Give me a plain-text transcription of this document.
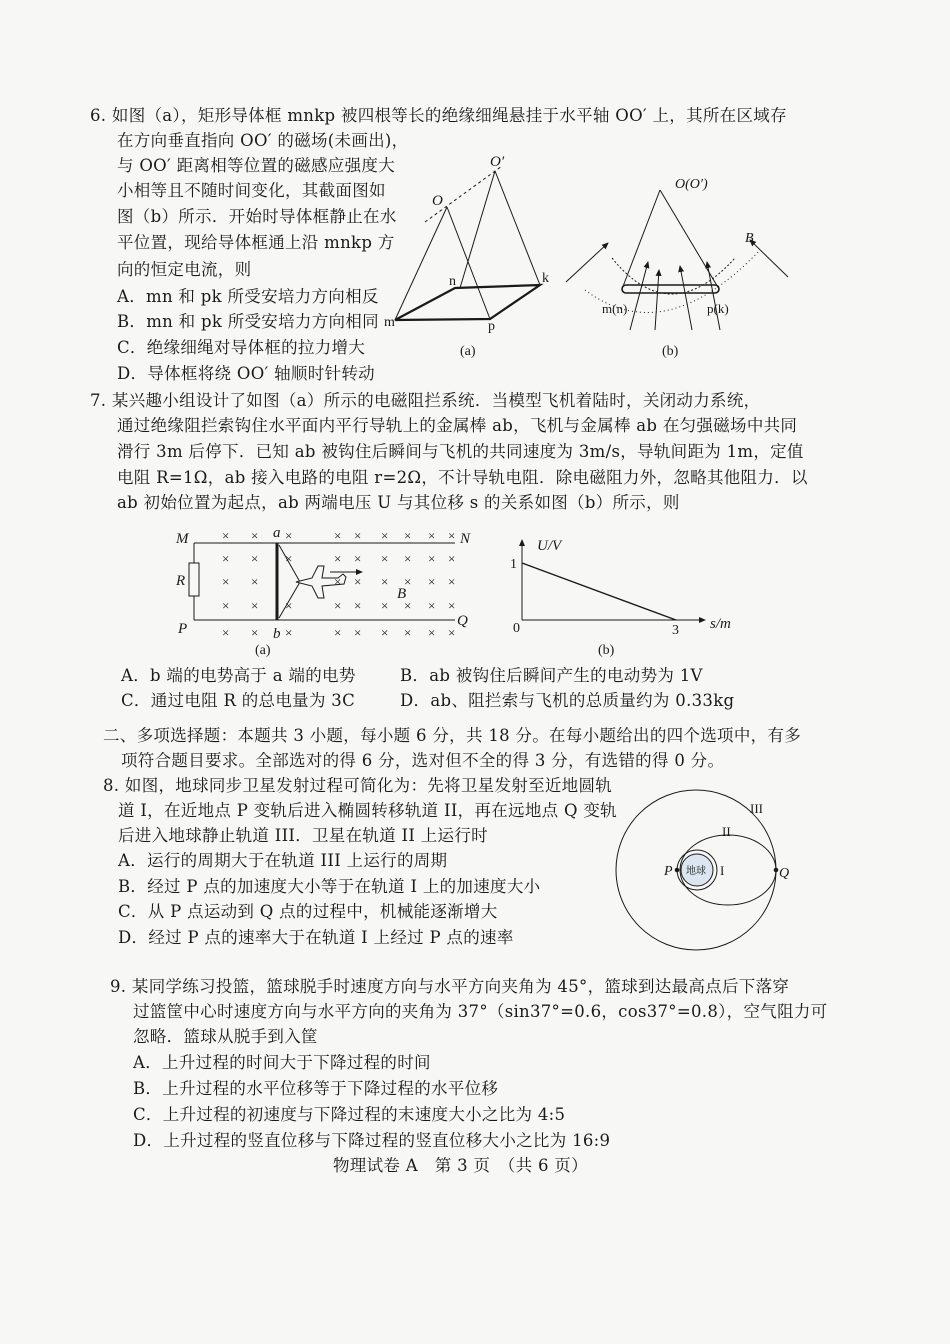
6. 如图（a），矩形导体框 mnkp 被四根等长的绝缘细绳悬挂于水平轴 OO′ 上，其所在区域存
在方向垂直指向 OO′ 的磁场(未画出)，
与 OO′ 距离相等位置的磁感应强度大
小相等且不随时间变化，其截面图如
图（b）所示．开始时导体框静止在水
平位置，现给导体框通上沿 mnkp 方
向的恒定电流，则
A．mn 和 pk 所受安培力方向相反
B．mn 和 pk 所受安培力方向相同
C．绝缘细绳对导体框的拉力增大
D．导体框将绕 OO′ 轴顺时针转动
7. 某兴趣小组设计了如图（a）所示的电磁阻拦系统．当模型飞机着陆时，关闭动力系统，
通过绝缘阻拦索钩住水平面内平行导轨上的金属棒 ab，飞机与金属棒 ab 在匀强磁场中共同
滑行 3m 后停下．已知 ab 被钩住后瞬间与飞机的共同速度为 3m/s，导轨间距为 1m，定值
电阻 R=1Ω，ab 接入电路的电阻 r=2Ω，不计导轨电阻．除电磁阻力外，忽略其他阻力．以
ab 初始位置为起点，ab 两端电压 U 与其位移 s 的关系如图（b）所示，则
A．b 端的电势高于 a 端的电势	B．ab 被钩住后瞬间产生的电动势为 1V
C．通过电阻 R 的总电量为 3C	D．ab、阻拦索与飞机的总质量约为 0.33kg
二、多项选择题：本题共 3 小题，每小题 6 分，共 18 分。在每小题给出的四个选项中，有多
项符合题目要求。全部选对的得 6 分，选对但不全的得 3 分，有选错的得 0 分。
8. 如图，地球同步卫星发射过程可简化为：先将卫星发射至近地圆轨
道 I，在近地点 P 变轨后进入椭圆转移轨道 II，再在远地点 Q 变轨
后进入地球静止轨道 III．卫星在轨道 II 上运行时
A．运行的周期大于在轨道 III 上运行的周期
B．经过 P 点的加速度大小等于在轨道 I 上的加速度大小
C．从 P 点运动到 Q 点的过程中，机械能逐渐增大
D．经过 P 点的速率大于在轨道 I 上经过 P 点的速率
9. 某同学练习投篮，篮球脱手时速度方向与水平方向夹角为 45°，篮球到达最高点后下落穿
过篮筐中心时速度方向与水平方向的夹角为 37°（sin37°=0.6，cos37°=0.8），空气阻力可
忽略．篮球从脱手到入筐
A．上升过程的时间大于下降过程的时间
B．上升过程的水平位移等于下降过程的水平位移
C．上升过程的初速度与下降过程的末速度大小之比为 4:5
D．上升过程的竖直位移与下降过程的竖直位移大小之比为 16:9
物理试卷 A　第 3 页　（共 6 页）
O
O′
m
n	k
p
(a)
O(O′)
m(n)	p(k)
B
(b)
× × ×	× × × × × ×
× × ×	× × × × × ×
× ×	× × × × × ×
× × ×	× × × × × ×
× × ×	× × × × × ×
M	N
P	Q
R
a
b
B
(a)
U/V
s/m
1
3
0
(b)
地球
III
II
I
P	Q
